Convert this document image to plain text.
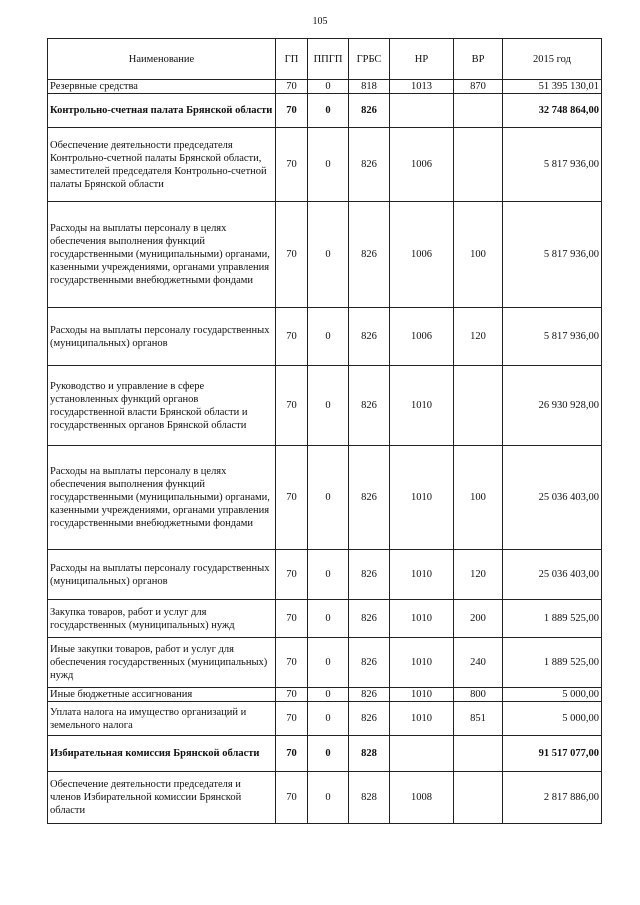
105
Наименование	ГП	ППГП	ГРБС	НР	ВР	2015 год
Резервные средства	70	0	818	1013	870	51 395 130,01
Контрольно-счетная палата Брянской области	70	0	826			32 748 864,00
Обеспечение деятельности председателя Контрольно-счетной палаты Брянской области, заместителей председателя Контрольно-счетной палаты Брянской области	70	0	826	1006		5 817 936,00
Расходы на выплаты персоналу в целях обеспечения выполнения функций государственными (муниципальными) органами, казенными учреждениями, органами управления государственными внебюджетными фондами	70	0	826	1006	100	5 817 936,00
Расходы на выплаты персоналу государственных (муниципальных) органов	70	0	826	1006	120	5 817 936,00
Руководство и управление в сфере установленных функций органов государственной власти Брянской области и государственных органов Брянской области	70	0	826	1010		26 930 928,00
Расходы на выплаты персоналу в целях обеспечения выполнения функций государственными (муниципальными) органами, казенными учреждениями, органами управления государственными внебюджетными фондами	70	0	826	1010	100	25 036 403,00
Расходы на выплаты персоналу государственных (муниципальных) органов	70	0	826	1010	120	25 036 403,00
Закупка товаров, работ и услуг для государственных (муниципальных) нужд	70	0	826	1010	200	1 889 525,00
Иные закупки товаров, работ и услуг для обеспечения государственных (муниципальных) нужд	70	0	826	1010	240	1 889 525,00
Иные бюджетные ассигнования	70	0	826	1010	800	5 000,00
Уплата налога на имущество организаций и земельного налога	70	0	826	1010	851	5 000,00
Избирательная комиссия Брянской области	70	0	828			91 517 077,00
Обеспечение деятельности председателя и членов Избирательной комиссии Брянской области	70	0	828	1008		2 817 886,00
